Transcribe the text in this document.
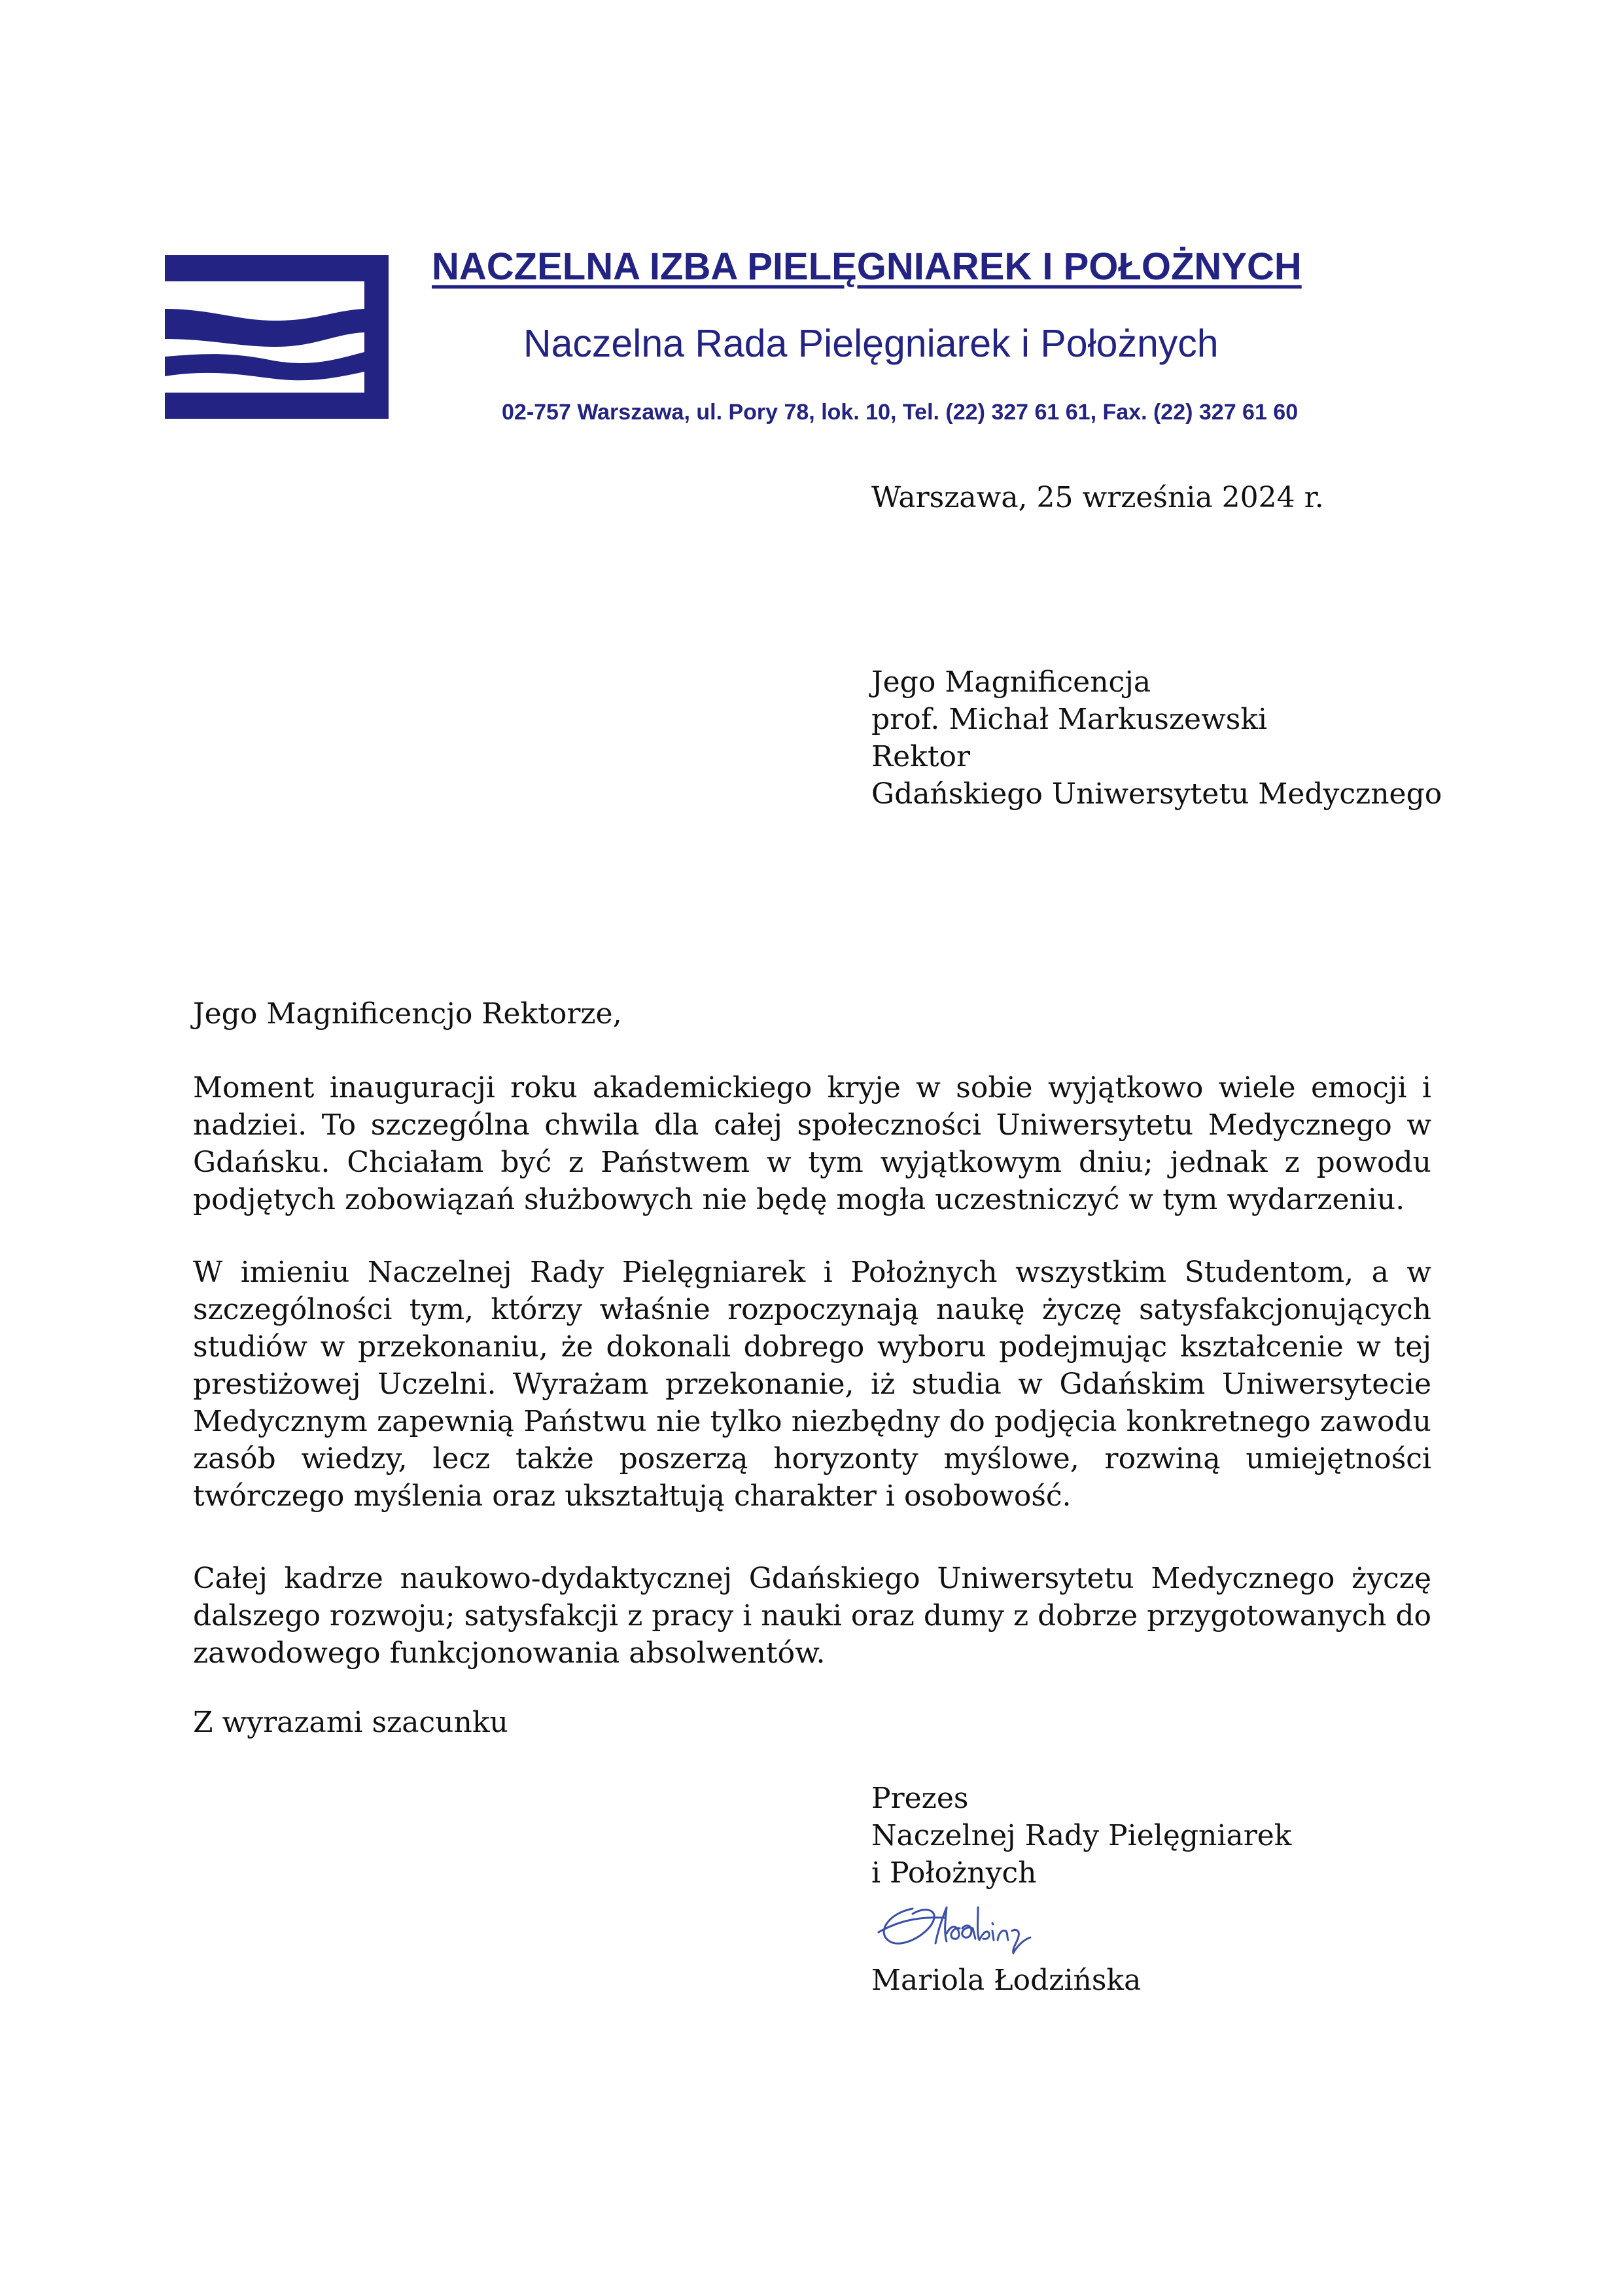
NACZELNA IZBA PIELĘGNIAREK I POŁOŻNYCH
Naczelna Rada Pielęgniarek i Położnych
02-757 Warszawa, ul. Pory 78, lok. 10, Tel. (22) 327 61 61, Fax. (22) 327 61 60
Warszawa, 25 września 2024 r.
Jego Magnificencja
prof. Michał Markuszewski
Rektor
Gdańskiego Uniwersytetu Medycznego
Jego Magnificencjo Rektorze,

Moment inauguracji roku akademickiego kryje w sobie wyjątkowo wiele emocji i nadziei. To szczególna chwila dla całej społeczności Uniwersytetu Medycznego w Gdańsku. Chciałam być z Państwem w tym wyjątkowym dniu; jednak z powodu podjętych zobowiązań służbowych nie będę mogła uczestniczyć w tym wydarzeniu.

W imieniu Naczelnej Rady Pielęgniarek i Położnych wszystkim Studentom, a w szczególności tym, którzy właśnie rozpoczynają naukę życzę satysfakcjonujących studiów w przekonaniu, że dokonali dobrego wyboru podejmując kształcenie w tej prestiżowej Uczelni. Wyrażam przekonanie, iż studia w Gdańskim Uniwersytecie Medycznym zapewnią Państwu nie tylko niezbędny do podjęcia konkretnego zawodu zasób wiedzy, lecz także poszerzą horyzonty myślowe, rozwiną umiejętności twórczego myślenia oraz ukształtują charakter i osobowość.

Całej kadrze naukowo-dydaktycznej Gdańskiego Uniwersytetu Medycznego życzę dalszego rozwoju; satysfakcji z pracy i nauki oraz dumy z dobrze przygotowanych do zawodowego funkcjonowania absolwentów.

Z wyrazami szacunku
Prezes
Naczelnej Rady Pielęgniarek
i Położnych
Mariola Łodzińska
